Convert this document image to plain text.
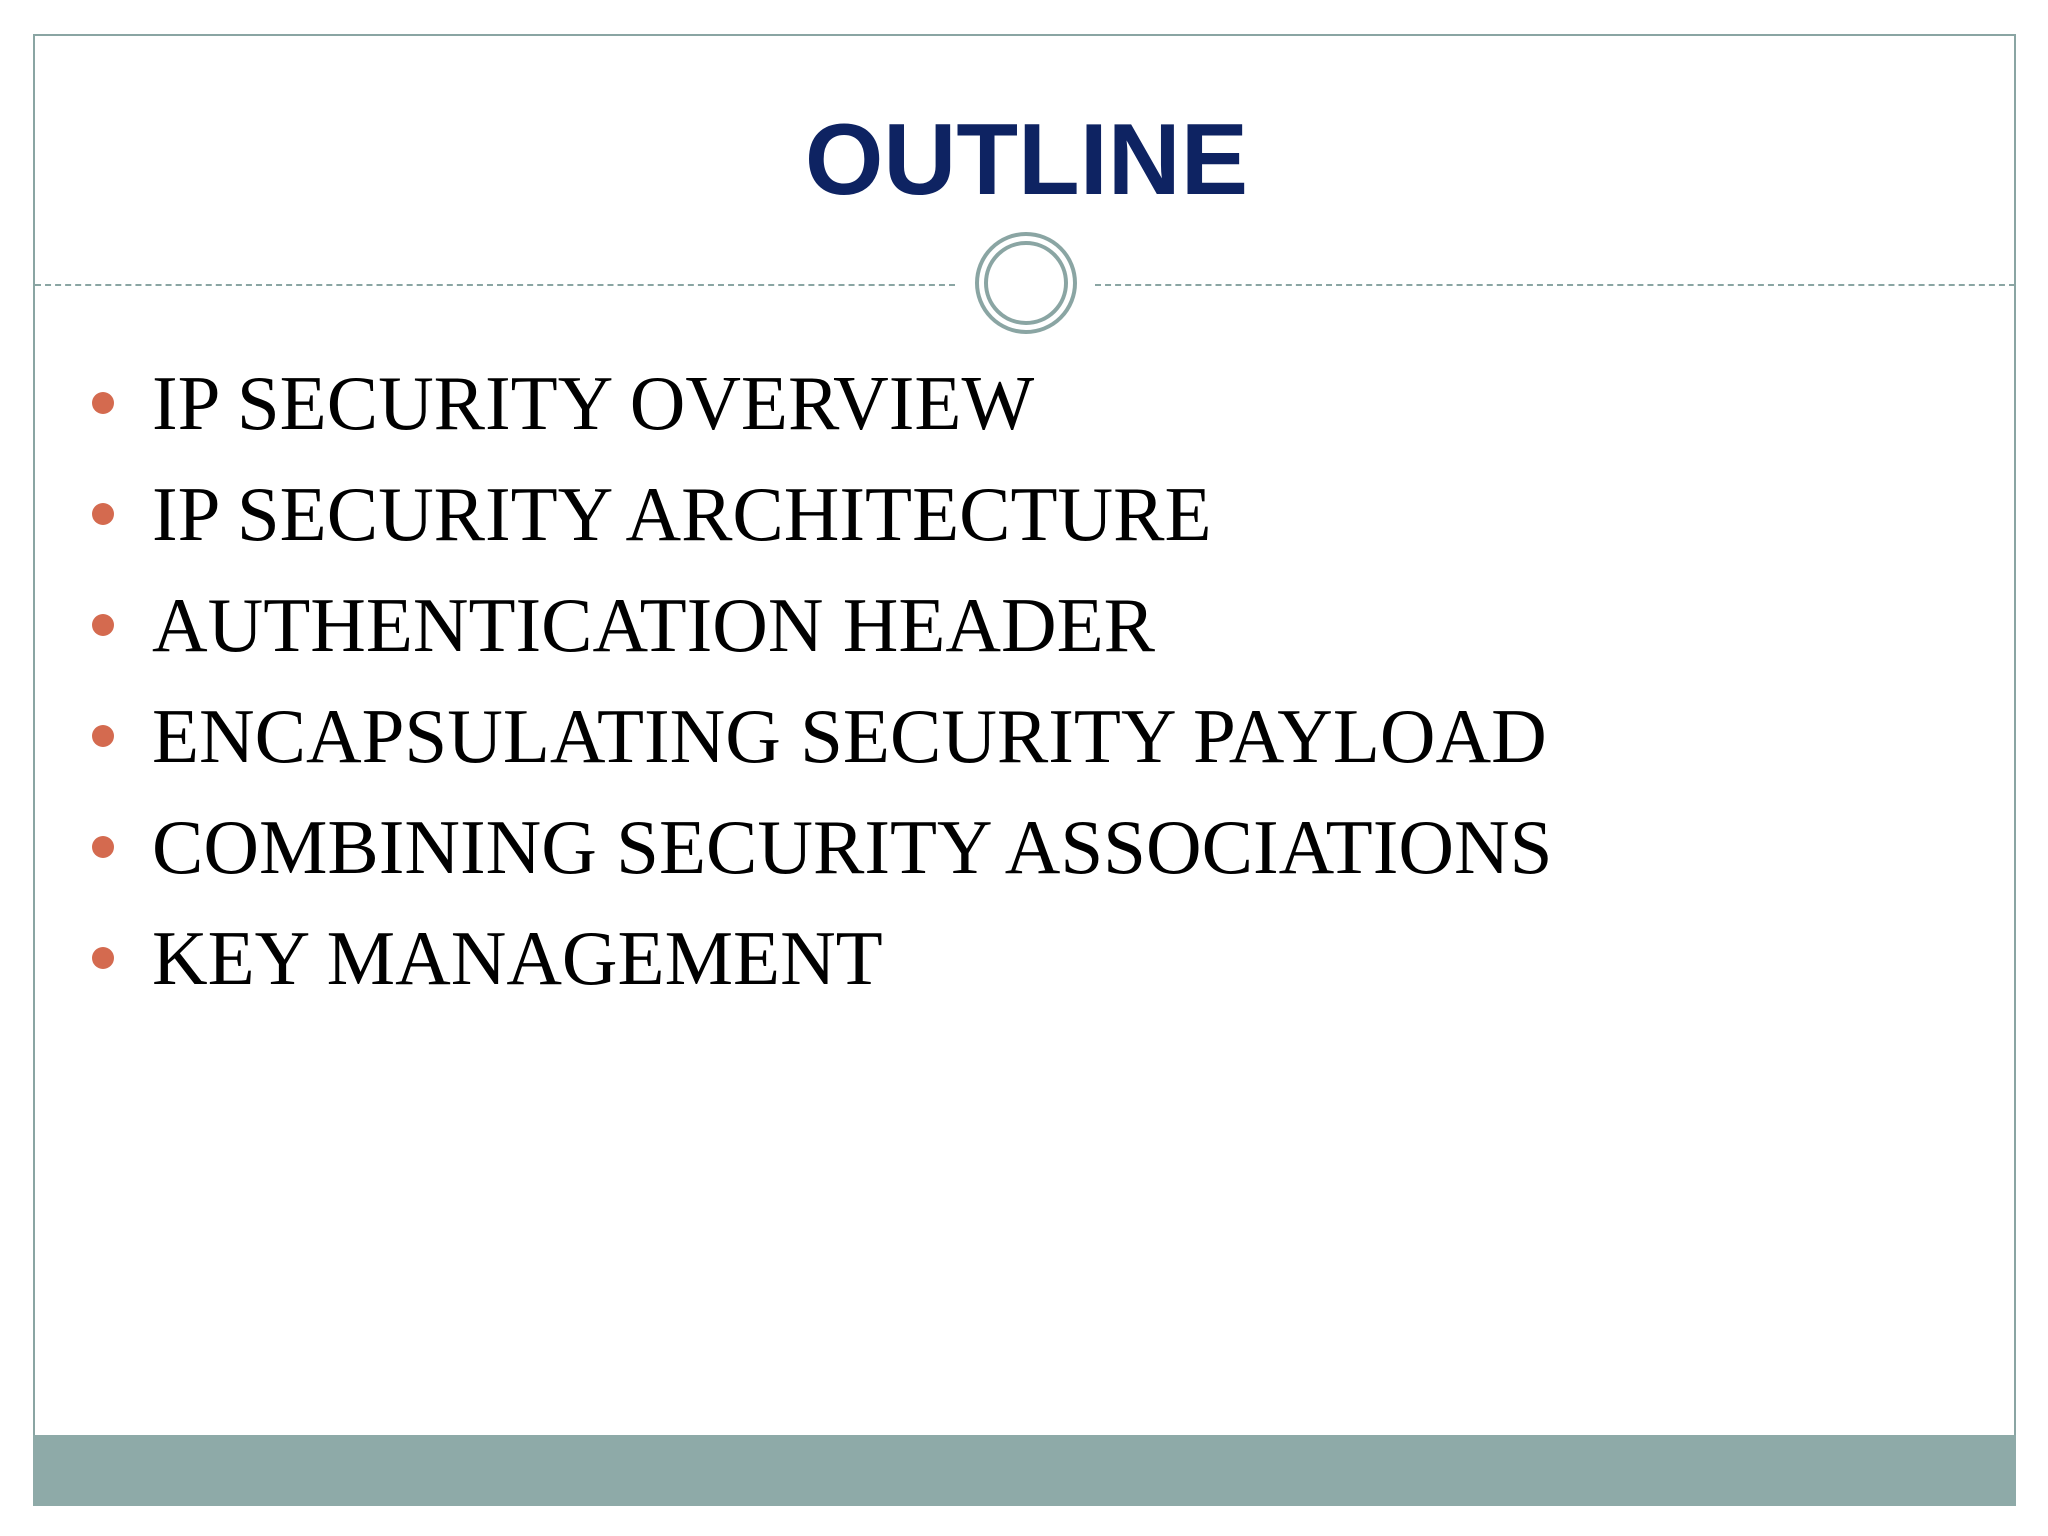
OUTLINE
IP SECURITY OVERVIEW
IP SECURITY ARCHITECTURE
AUTHENTICATION HEADER
ENCAPSULATING SECURITY PAYLOAD
COMBINING SECURITY ASSOCIATIONS
KEY MANAGEMENT
